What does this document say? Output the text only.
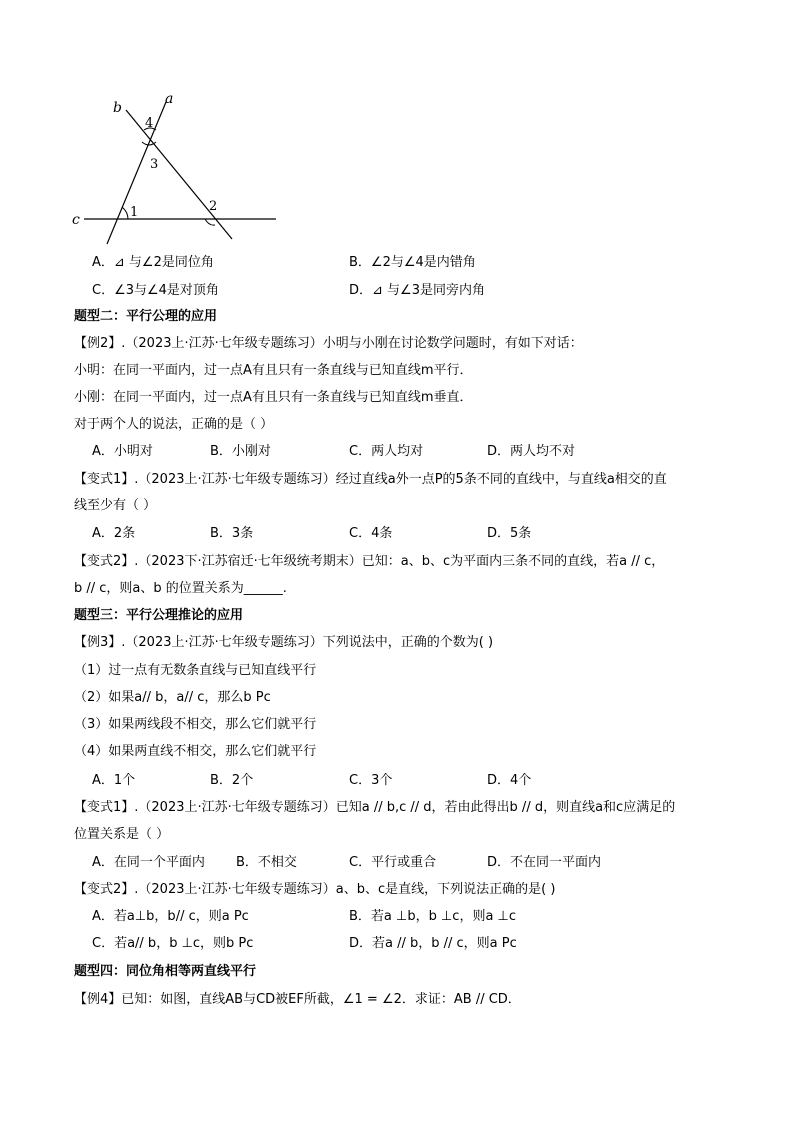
b
a
c
4
3
1	2
A．⊿ 与∠2是同位角	B．∠2与∠4是内错角
C．∠3与∠4是对顶角	D．⊿ 与∠3是同旁内角
题型二：平行公理的应用
【例2】.（2023上·江苏·七年级专题练习）小明与小刚在讨论数学问题时，有如下对话：
小明：在同一平面内，过一点A有且只有一条直线与已知直线m平行．
小刚：在同一平面内，过一点A有且只有一条直线与已知直线m垂直．
对于两个人的说法，正确的是（ ）
A．小明对	B．小刚对	C．两人均对	D．两人均不对
【变式1】.（2023上·江苏·七年级专题练习）经过直线a外一点P的5条不同的直线中，与直线a相交的直
线至少有（ ）
A．2条	B．3条	C．4条	D．5条
【变式2】.（2023下·江苏宿迁·七年级统考期末）已知：a、b、c为平面内三条不同的直线，若a // c，
b // c，则a、b 的位置关系为______.
题型三：平行公理推论的应用
【例3】.（2023上·江苏·七年级专题练习）下列说法中，正确的个数为( )
（1）过一点有无数条直线与已知直线平行
（2）如果a// b，a// c，那么b Pc
（3）如果两线段不相交，那么它们就平行
（4）如果两直线不相交，那么它们就平行
A．1个	B．2个	C．3个	D．4个
【变式1】.（2023上·江苏·七年级专题练习）已知a // b,c // d，若由此得出b // d，则直线a和c应满足的
位置关系是（ ）
A．在同一个平面内 B．不相交	C．平行或重合	D．不在同一平面内
【变式2】.（2023上·江苏·七年级专题练习）a、b、c是直线，下列说法正确的是( )
A．若a⊥b，b// c，则a Pc	B．若a ⊥b，b ⊥c，则a ⊥c
C．若a// b，b ⊥c，则b Pc	D．若a // b，b // c，则a Pc
题型四：同位角相等两直线平行
【例4】已知：如图，直线AB与CD被EF所截，∠1 = ∠2．求证：AB // CD．
